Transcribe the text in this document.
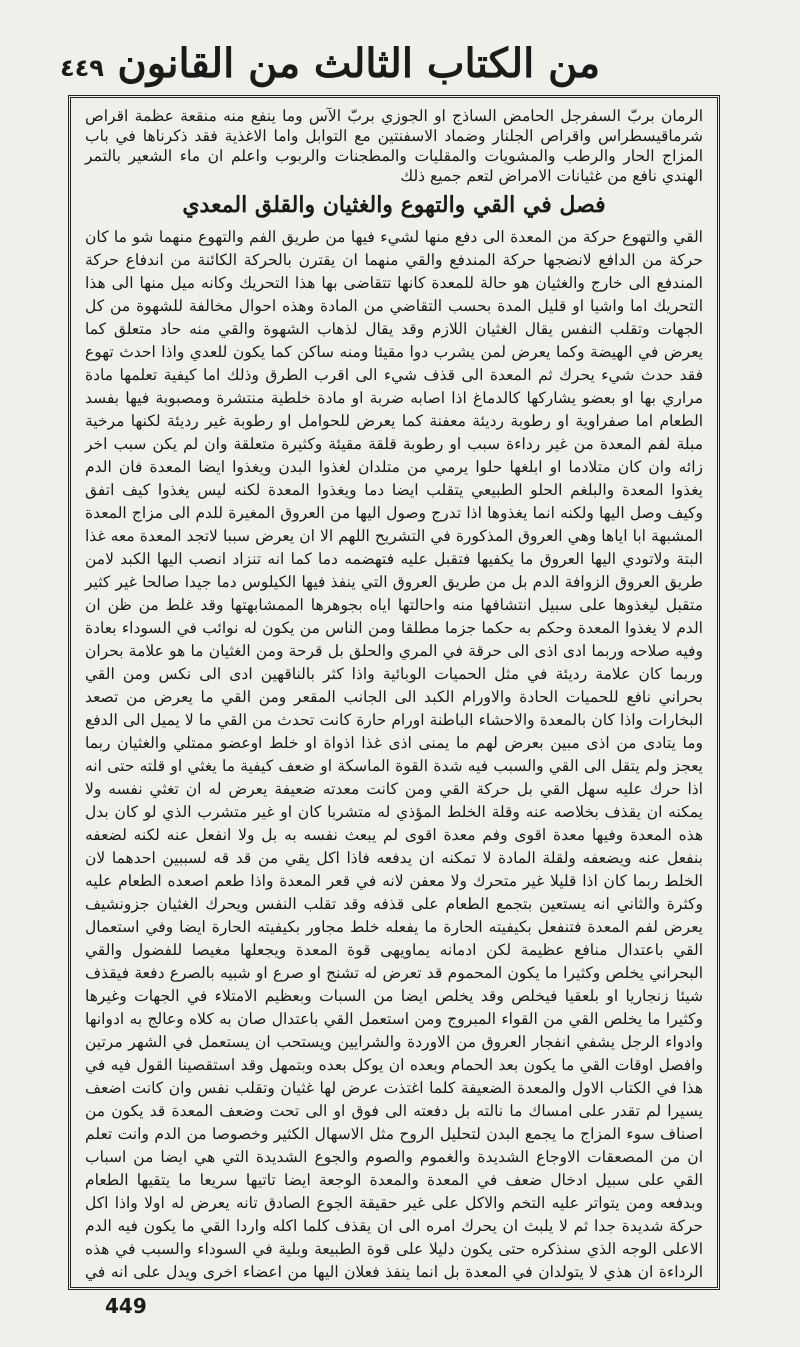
من الكتاب الثالث من القانون
٤٤٩
الرمان بربّ السفرجل الحامض الساذج او الجوزي بربّ الآس وما ينفع منه منقعة عظمة اقراص شرماقيسطراس واقراص الجلنار وضماد الاسفنتين مع التوابل واما الاغذية فقد ذكرناها في باب المزاج الحار والرطب والمشويات والمقليات والمطجنات والربوب واعلم ان ماء الشعير بالتمر الهندي نافع من غثيانات الامراض لتعم جميع ذلك
فصل في القي والتهوع والغثيان والقلق المعدي

القي والتهوع حركة من المعدة الى دفع منها لشيء فيها من طريق الفم والتهوع منهما شو ما كان حركة من الدافع لانضجها حركة المندفع والقي منهما ان يقترن بالحركة الكائنة من اندفاع حركة المندفع الى خارج والغثيان هو حالة للمعدة كانها تتقاضى بها هذا التحريك وكانه ميل منها الى هذا التحريك اما واشيا او قليل المدة بحسب التقاضي من المادة وهذه احوال مخالفة للشهوة من كل الجهات وتقلب النفس يقال الغثيان اللازم وقد يقال لذهاب الشهوة والقي منه حاد متعلق كما يعرض في الهيضة وكما يعرض لمن يشرب دوا مقيئا ومنه ساكن كما يكون للعدي واذا احدث تهوع فقد حدث شيء يحرك ثم المعدة الى قذف شيء الى اقرب الطرق وذلك اما كيفية تعلمها مادة مراري بها او بعضو يشاركها كالدماغ اذا اصابه ضربة او مادة خلطية منتشرة ومصبوبة فيها بفسد الطعام اما صفراوية او رطوبة رديئة معفنة كما يعرض للحوامل او رطوبة غير رديئة لكنها مرخية مبلة لفم المعدة من غير رداءة سبب او رطوبة قلقة مقيئة وكثيرة متعلقة وان لم يكن سبب اخر زائه وان كان متلادما او ابلغها حلوا يرمي من متلدان لغذوا البدن ويغذوا ايضا المعدة فان الدم يغذوا المعدة والبلغم الحلو الطبيعي يتقلب ايضا دما ويغذوا المعدة لكنه ليس يغذوا كيف اتفق وكيف وصل اليها ولكنه انما يغذوها اذا تدرج وصول اليها من العروق المغيرة للدم الى مزاج المعدة المشبهة ابا اياها وهي العروق المذكورة في التشريح اللهم الا ان يعرض سببا لاتجد المعدة معه غذا البتة ولاتودي اليها العروق ما يكفيها فتقبل عليه فتهضمه دما كما انه تنزاد انصب اليها الكبد لامن طريق العروق الزوافة الدم بل من طريق العروق التي ينفذ فيها الكيلوس دما جيدا صالحا غير كثير متقبل ليغذوها على سبيل انتشافها منه واحالتها اياه بجوهرها الممشابهتها وقد غلط من ظن ان الدم لا يغذوا المعدة وحكم به حكما جزما مطلقا ومن الناس من يكون له نوائب في السوداء بعادة وفيه صلاحه وربما ادى اذى الى حرقة في المري والحلق بل قرحة ومن الغثيان ما هو علامة بحران وربما كان علامة رديئة في مثل الحميات الوبائية واذا كثر بالناقهين ادى الى نكس ومن القي بحراني نافع للحميات الحادة والاورام الكبد الى الجانب المقعر ومن القي ما يعرض من تصعد البخارات واذا كان بالمعدة والاحشاء الباطنة اورام حارة كانت تحدث من القي ما لا يميل الى الدفع وما يتادى من اذى مبين بعرض لهم ما يمنى اذى غذا اذواة او خلط اوعضو ممتلي والغثيان ربما يعجز ولم يتقل الى القي والسبب فيه شدة القوة الماسكة او ضعف كيفية ما يغثي او قلته حتى انه اذا حرك عليه سهل القي بل حركة القي ومن كانت معدته ضعيفة يعرض له ان تغثي نفسه ولا يمكنه ان يقذف بخلاصه عنه وقلة الخلط المؤذي له متشربا كان او غير متشرب الذي لو كان بدل هذه المعدة وفيها معدة اقوى وفم معدة اقوى لم يبعث نفسه به بل ولا انفعل عنه لكنه لضعفه بنفعل عنه ويضعفه ولقلة المادة لا تمكنه ان يدفعه فاذا اكل يقي من قد قه لسببين احدهما لان الخلط ربما كان اذا قليلا غير متحرك ولا معفن لانه في قعر المعدة واذا طعم اصعده الطعام عليه وكثرة والثاني انه يستعين بتجمع الطعام على قذفه وقد تقلب النفس ويحرك الغثيان جزونشيف يعرض لفم المعدة فتنفعل بكيفيته الحارة ما يفعله خلط مجاور بكيفيته الحارة ايضا وفي استعمال القي باعتدال منافع عظيمة لكن ادمانه يماويهى قوة المعدة ويجعلها مغيصا للفضول والقي البحراني يخلص وكثيرا ما يكون المحموم قد تعرض له تشنج او صرع او شبيه بالصرع دفعة فيقذف شيئا زنجاريا او بلعقيا فيخلص وقد يخلص ايضا من السبات وبعظيم الامتلاء في الجهات وغيرها وكثيرا ما يخلص القي من القواء المبروج ومن استعمل القي باعتدال صان به كلاه وعالج به ادوانها وادواء الرجل يشفي انفجار العروق من الاوردة والشرايين ويستحب ان يستعمل في الشهر مرتين وافصل اوقات القي ما يكون بعد الحمام وبعده ان يوكل بعده وبتمهل وقد استقصينا القول فيه في هذا في الكتاب الاول والمعدة الضعيفة كلما اغتذت عرض لها غثيان وتقلب نفس وان كانت اضعف يسيرا لم تقدر على امساك ما نالته بل دفعته الى فوق او الى تحت وضعف المعدة قد يكون من اصناف سوء المزاج ما يجمع البدن لتحليل الروح مثل الاسهال الكثير وخصوصا من الدم وانت تعلم ان من المصعقات الاوجاع الشديدة والغموم والصوم والجوع الشديدة التي هي ايضا من اسباب القي على سبيل ادخال ضعف في المعدة والمعدة الوجعة ايضا تاتيها سريعا ما يتقيها الطعام وبدفعه ومن يتواتر عليه التخم والاكل على غير حقيقة الجوع الصادق تانه يعرض له اولا واذا اكل حركة شديدة جدا ثم لا يلبث ان يحرك امره الى ان يقذف كلما اكله واردا القي ما يكون فيه الدم الاعلى الوجه الذي سنذكره حتى يكون دليلا على قوة الطبيعة وبلية في السوداء والسبب في هذه الرداءة ان هذي لا يتولدان في المعدة بل انما ينفذ فعلان اليها من اعضاء اخرى ويدل على انه في

449
